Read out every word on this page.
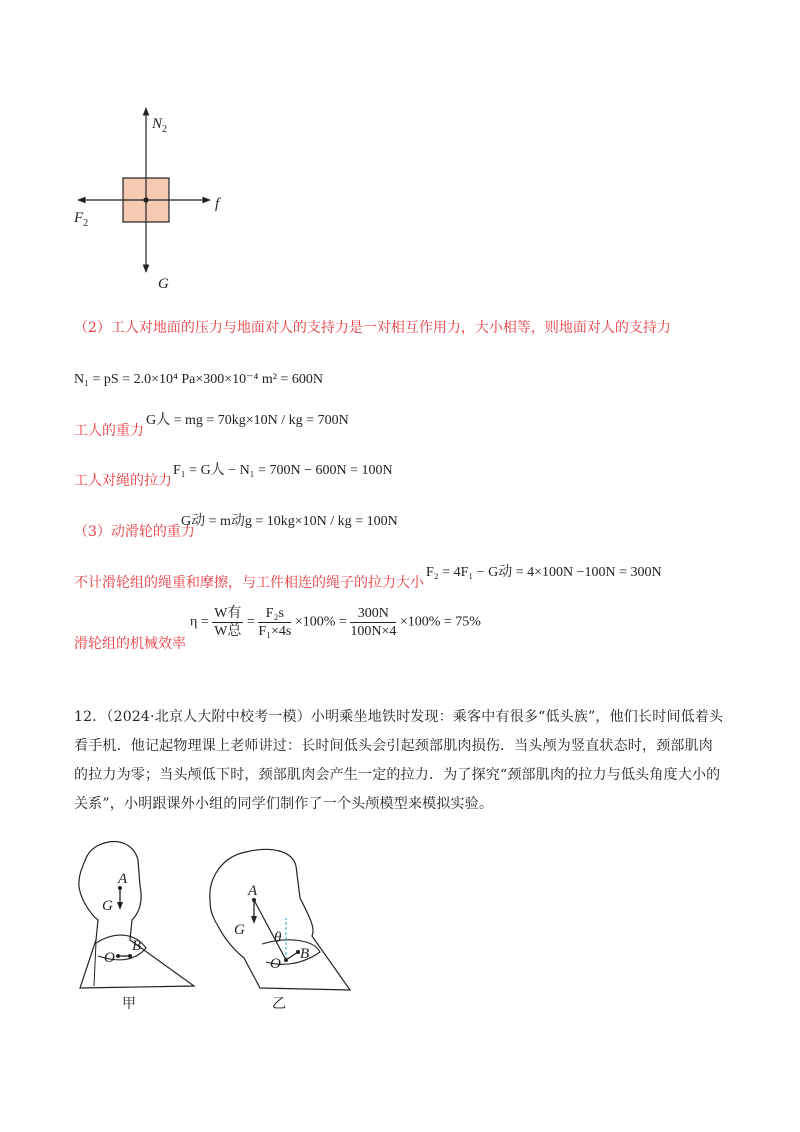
$N_2$
f
$F_2$
G
（2）工人对地面的压力与地面对人的支持力是一对相互作用力，大小相等，则地面对人的支持力
N₁ = pS = 2.0×10⁴ Pa×300×10⁻⁴ m² = 600N
工人的重力
G人 = mg = 70kg×10N / kg = 700N
工人对绳的拉力
F₁ = G人 − N₁ = 700N − 600N = 100N
（3）动滑轮的重力
G动 = m动g = 10kg×10N / kg = 100N
不计滑轮组的绳重和摩擦，与工件相连的绳子的拉力大小
F₂ = 4F₁ − G动 = 4×100N −100N = 300N
滑轮组的机械效率
$\eta = \frac{\text{W有}}{\text{W总}} = \frac{\text{F₂s}}{\text{F₁×4s}} \times 100\% = \frac{300N}{100N\times 4} \times 100\% = 75\%$
12．（2024·北京人大附中校考一模）小明乘坐地铁时发现：乘客中有很多“低头族”，他们长时间低着头看手机．他记起物理课上老师讲过：长时间低头会引起颈部肌肉损伤．当头颅为竖直状态时，颈部肌肉的拉力为零；当头颅低下时，颈部肌肉会产生一定的拉力．为了探究“颈部肌肉的拉力与低头角度大小的关系”，小明跟课外小组的同学们制作了一个头颅模型来模拟实验。
A
G
O
B
甲
A
G θ
O
B
乙
